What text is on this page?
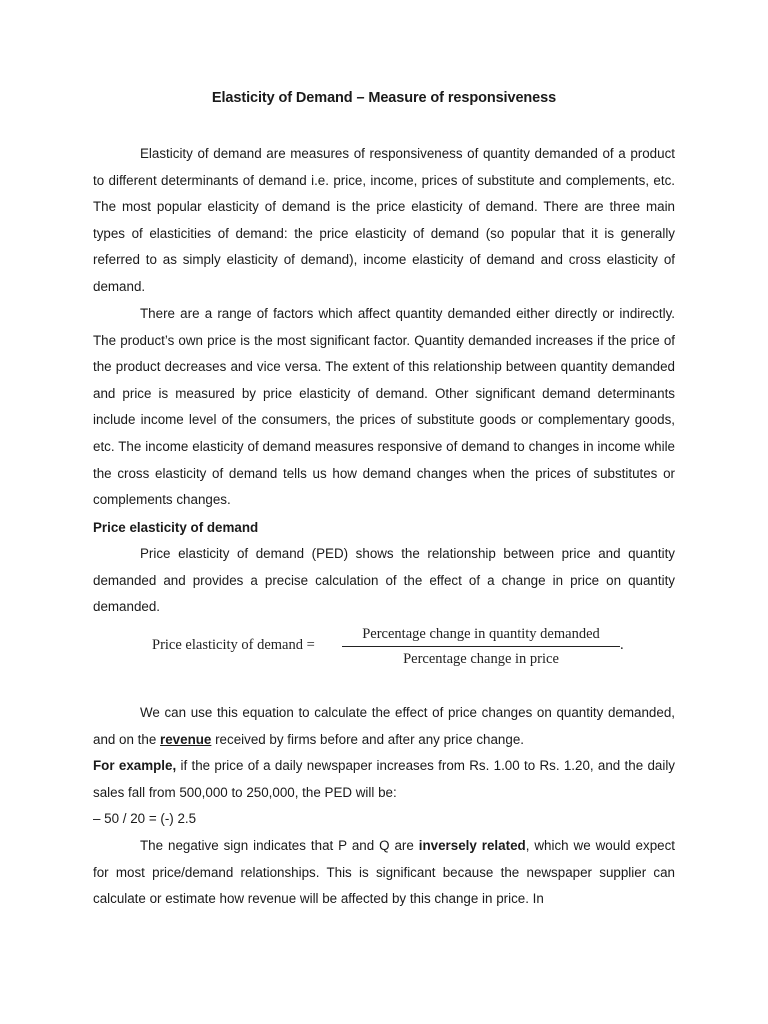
Elasticity of Demand – Measure of responsiveness

Elasticity of demand are measures of responsiveness of quantity demanded of a product to different determinants of demand i.e. price, income, prices of substitute and complements, etc. The most popular elasticity of demand is the price elasticity of demand. There are three main types of elasticities of demand: the price elasticity of demand (so popular that it is generally referred to as simply elasticity of demand), income elasticity of demand and cross elasticity of demand.

There are a range of factors which affect quantity demanded either directly or indirectly. The product’s own price is the most significant factor. Quantity demanded increases if the price of the product decreases and vice versa. The extent of this relationship between quantity demanded and price is measured by price elasticity of demand. Other significant demand determinants include income level of the consumers, the prices of substitute goods or complementary goods, etc. The income elasticity of demand measures responsive of demand to changes in income while the cross elasticity of demand tells us how demand changes when the prices of substitutes or complements changes.

Price elasticity of demand

Price elasticity of demand (PED) shows the relationship between price and quantity demanded and provides a precise calculation of the effect of a change in price on quantity demanded.

Price elasticity of demand =
Percentage change in quantity demanded
Percentage change in price
.

We can use this equation to calculate the effect of price changes on quantity demanded, and on the revenue received by firms before and after any price change.

For example, if the price of a daily newspaper increases from Rs. 1.00 to Rs. 1.20, and the daily sales fall from 500,000 to 250,000, the PED will be:

– 50 / 20 = (-) 2.5

The negative sign indicates that P and Q are inversely related, which we would expect for most price/demand relationships. This is significant because the newspaper supplier can calculate or estimate how revenue will be affected by this change in price. In
